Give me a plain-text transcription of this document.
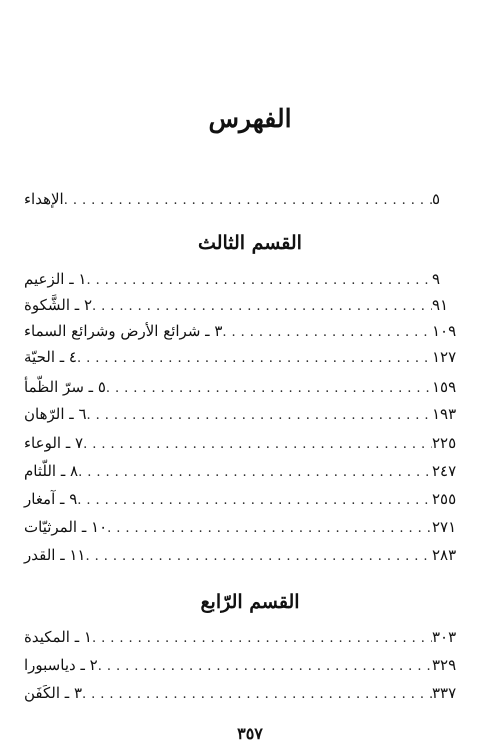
الفهرس
الإهداء .....	٥
القسم الثالث
١ ـ الزعيم .....	٩
٢ ـ الشَّكوة .....	٩١
٣ ـ شرائع الأرض وشرائع السماء .....	١٠٩
٤ ـ الحيّة .....	١٢٧
٥ ـ سرّ الظّمأ .....	١٥٩
٦ ـ الرّهان .....	١٩٣
٧ ـ الوعاء .....	٢٢٥
٨ ـ اللّثام .....	٢٤٧
٩ ـ آمغار .....	٢٥٥
١٠ ـ المرثيّات .....	٢٧١
١١ ـ القدر .....	٢٨٣
القسم الرّابع
١ ـ المكيدة .....	٣٠٣
٢ ـ دياسبورا .....	٣٢٩
٣ ـ الكَفَن .....	٣٣٧
٣٥٧
